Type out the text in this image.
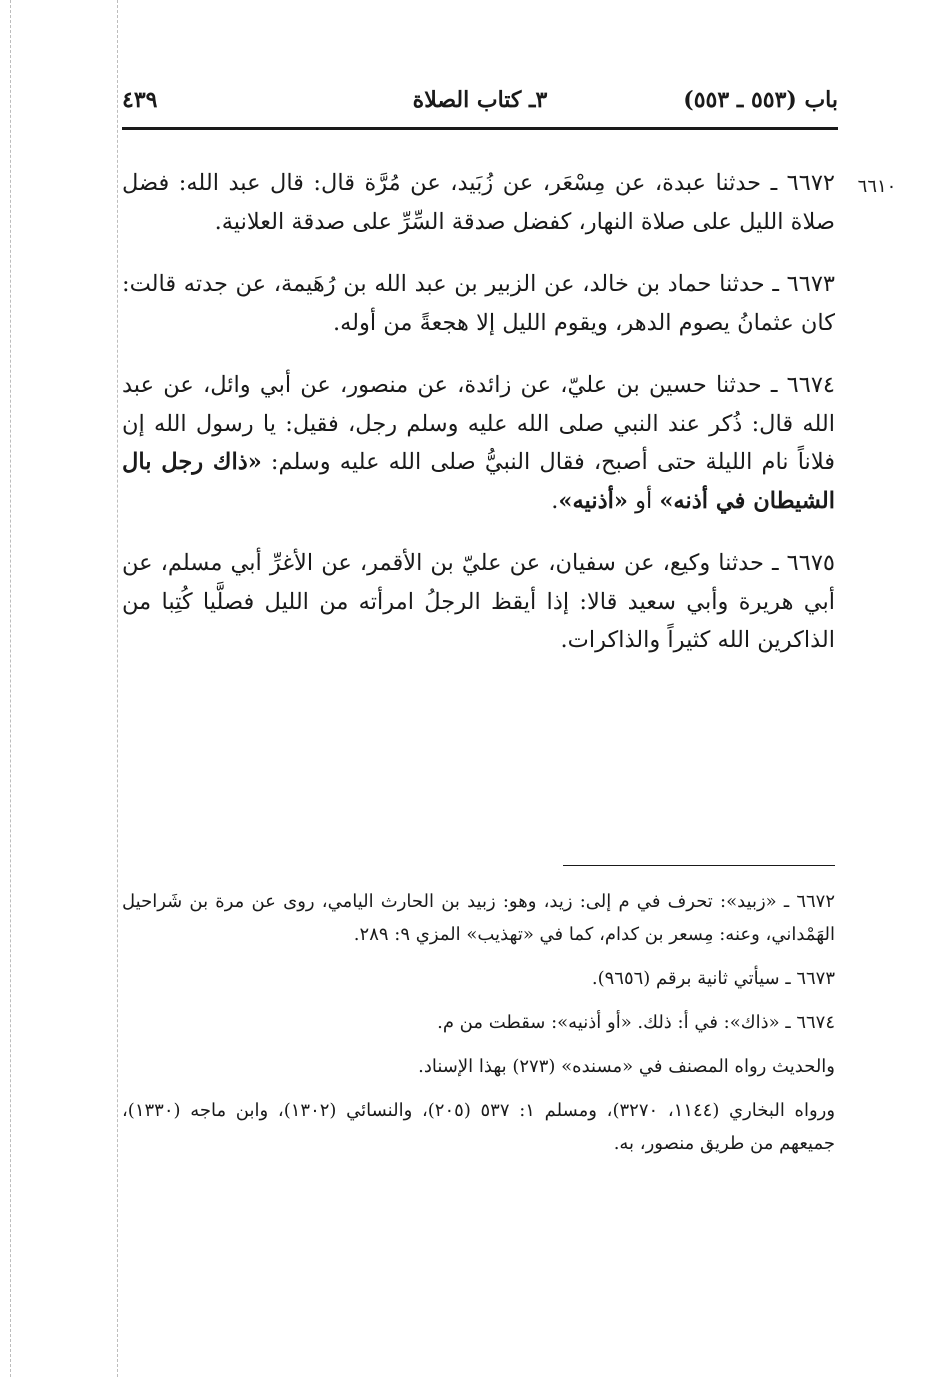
باب (٥٥٣ ـ ٥٥٣)
٣ـ كتاب الصلاة
٤٣٩
٦٦١٠

٦٦٧٢ ـ حدثنا عبدة، عن مِسْعَر، عن زُبَيد، عن مُرَّة قال: قال عبد الله: فضل صلاة الليل على صلاة النهار، كفضل صدقة السِّرِّ على صدقة العلانية.

٦٦٧٣ ـ حدثنا حماد بن خالد، عن الزبير بن عبد الله بن رُهَيمة، عن جدته قالت: كان عثمانُ يصوم الدهر، ويقوم الليل إلا هجعةً من أوله.

٦٦٧٤ ـ حدثنا حسين بن عليّ، عن زائدة، عن منصور، عن أبي وائل، عن عبد الله قال: ذُكر عند النبي صلى الله عليه وسلم رجل، فقيل: يا رسول الله إن فلاناً نام الليلة حتى أصبح، فقال النبيُّ صلى الله عليه وسلم: «ذاك رجل بال الشيطان في أذنه» أو «أذنيه».

٦٦٧٥ ـ حدثنا وكيع، عن سفيان، عن عليّ بن الأقمر، عن الأغرِّ أبي مسلم، عن أبي هريرة وأبي سعيد قالا: إذا أيقظ الرجلُ امرأته من الليل فصلَّيا كُتِبا من الذاكرين الله كثيراً والذاكرات.

٦٦٧٢ ـ «زبيد»: تحرف في م إلى: زيد، وهو: زبيد بن الحارث اليامي، روى عن مرة بن شَراحيل الهَمْداني، وعنه: مِسعر بن كدام، كما في «تهذيب» المزي ٩: ٢٨٩.

٦٦٧٣ ـ سيأتي ثانية برقم (٩٦٥٦).

٦٦٧٤ ـ «ذاك»: في أ: ذلك. «أو أذنيه»: سقطت من م.

والحديث رواه المصنف في «مسنده» (٢٧٣) بهذا الإسناد.

ورواه البخاري (١١٤٤، ٣٢٧٠)، ومسلم ١: ٥٣٧ (٢٠٥)، والنسائي (١٣٠٢)، وابن ماجه (١٣٣٠)، جميعهم من طريق منصور، به.
